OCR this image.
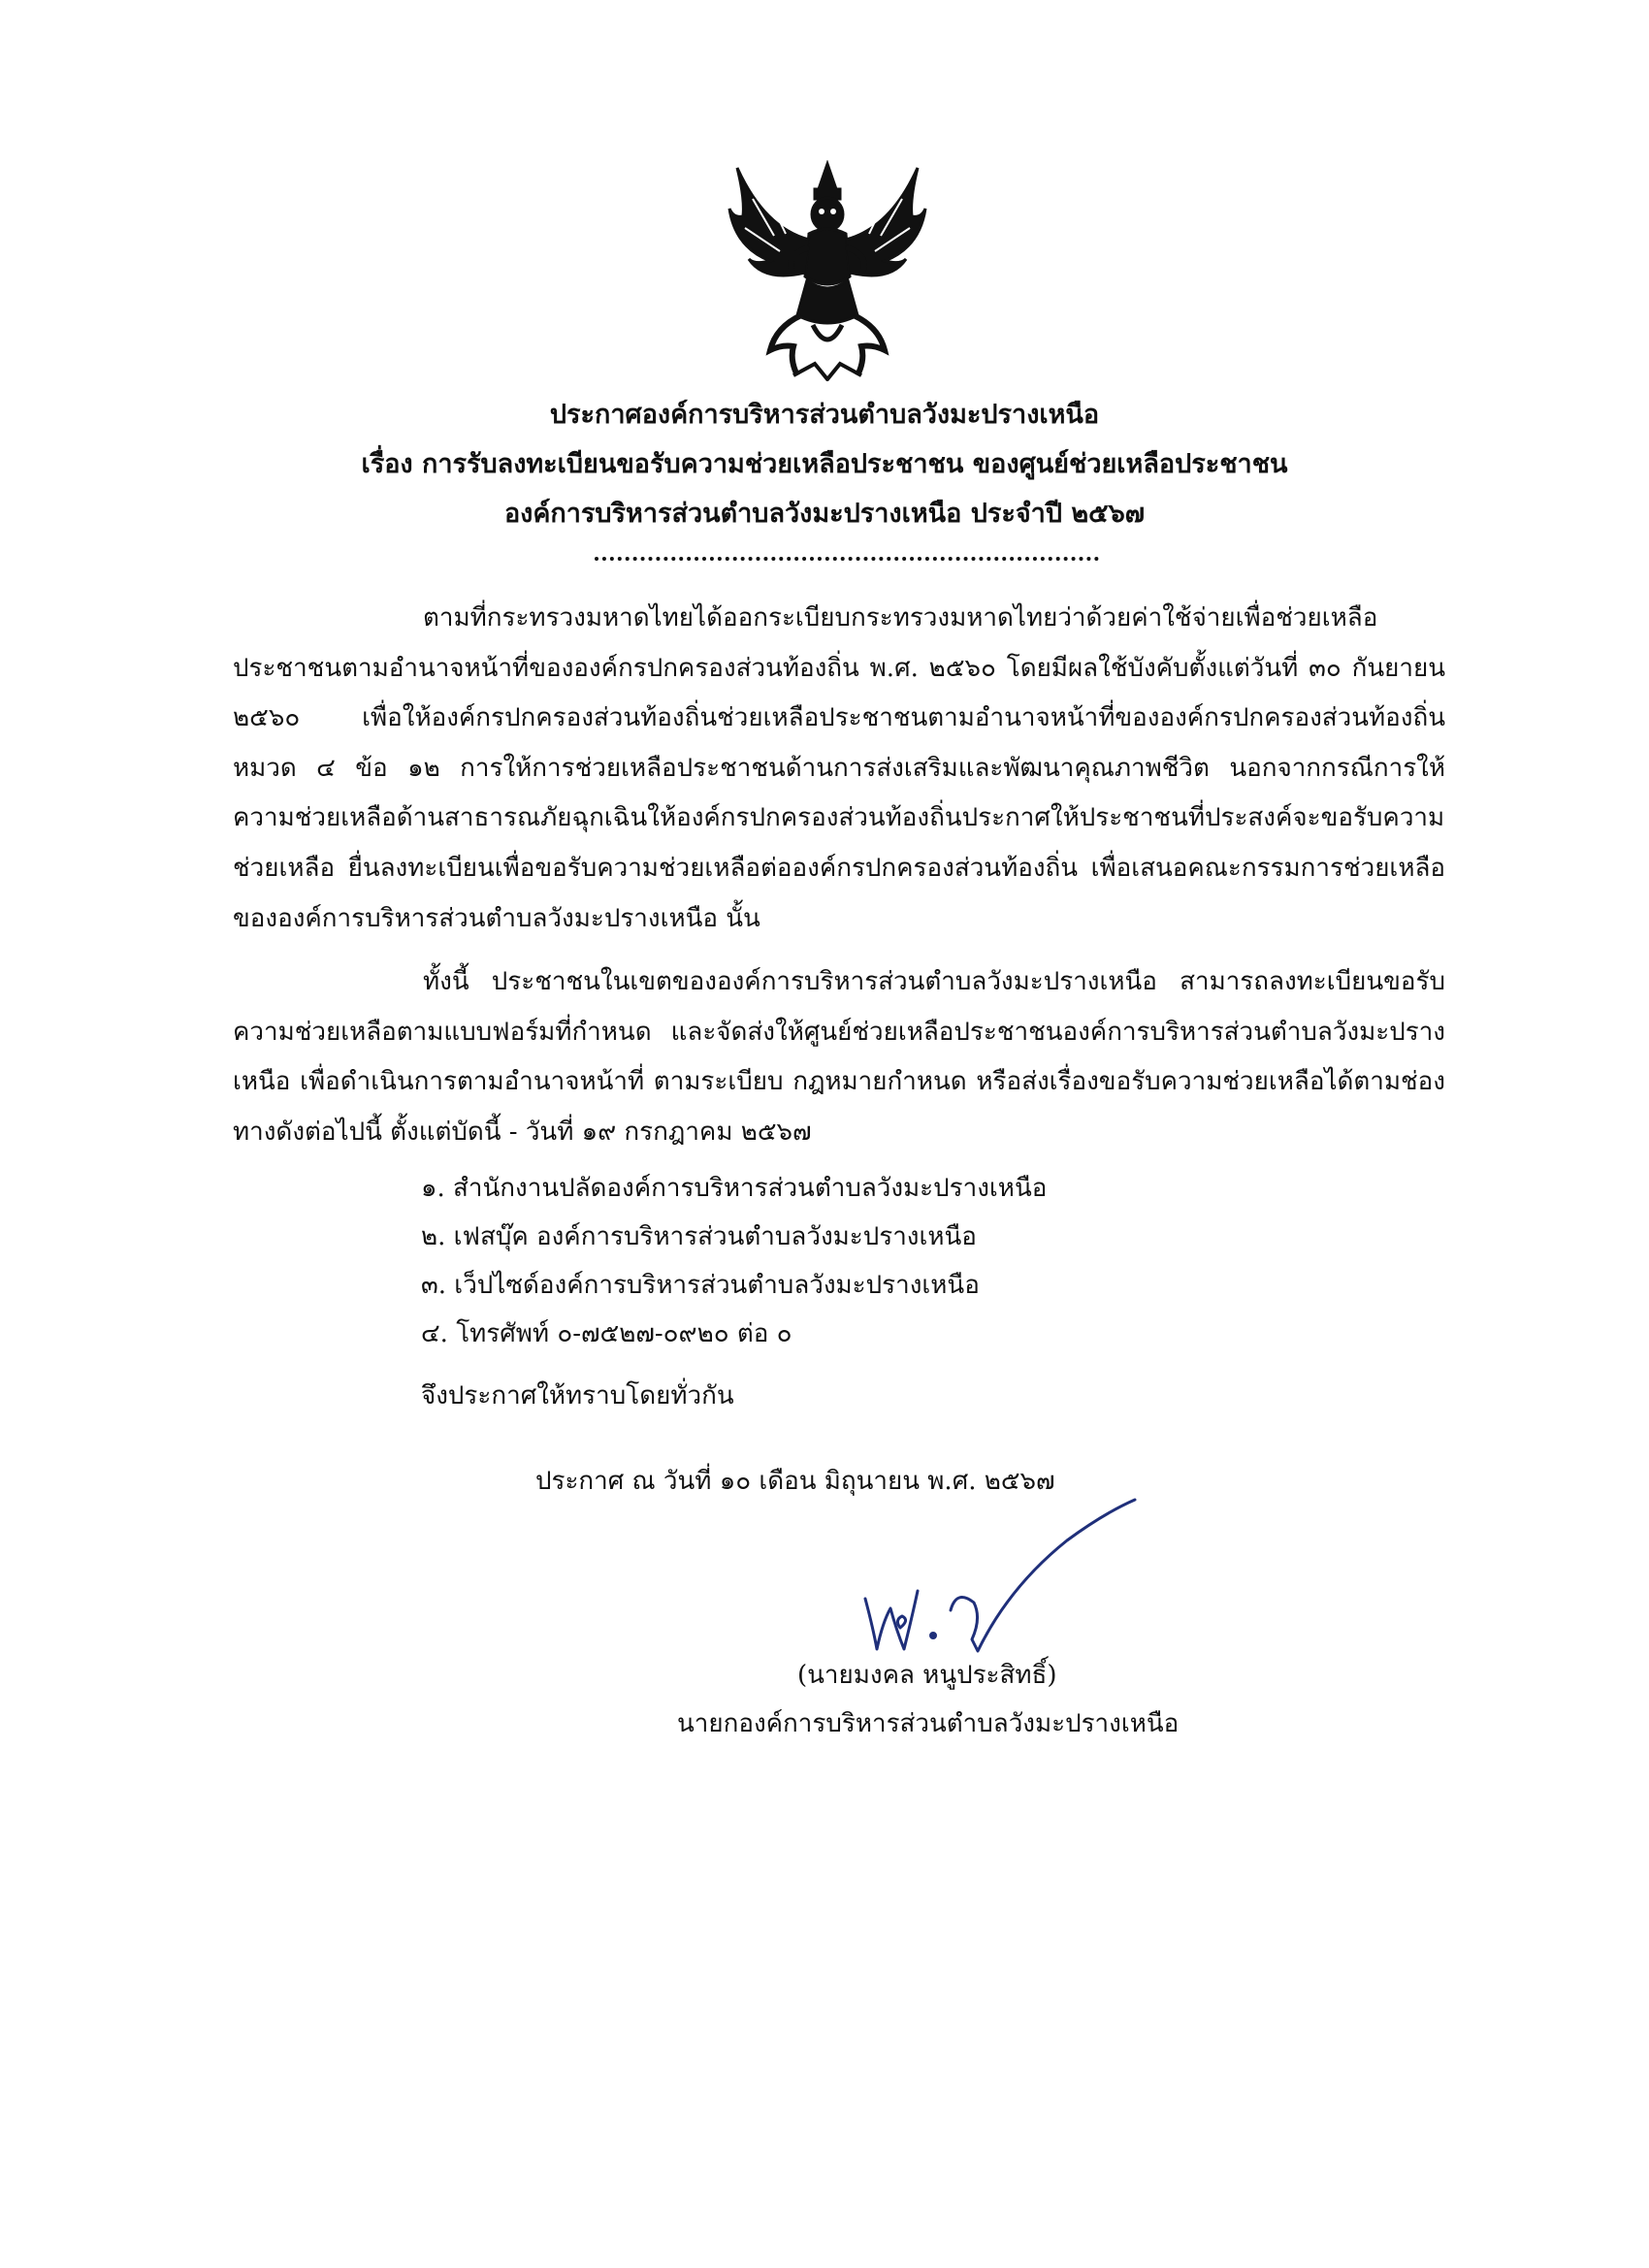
ประกาศองค์การบริหารส่วนตำบลวังมะปรางเหนือ
เรื่อง การรับลงทะเบียนขอรับความช่วยเหลือประชาชน ของศูนย์ช่วยเหลือประชาชน
องค์การบริหารส่วนตำบลวังมะปรางเหนือ ประจำปี ๒๕๖๗

ตามที่กระทรวงมหาดไทยได้ออกระเบียบกระทรวงมหาดไทยว่าด้วยค่าใช้จ่ายเพื่อช่วยเหลือประชาชนตามอำนาจหน้าที่ขององค์กรปกครองส่วนท้องถิ่น พ.ศ. ๒๕๖๐ โดยมีผลใช้บังคับตั้งแต่วันที่ ๓๐ กันยายน ๒๕๖๐ เพื่อให้องค์กรปกครองส่วนท้องถิ่นช่วยเหลือประชาชนตามอำนาจหน้าที่ขององค์กรปกครองส่วนท้องถิ่น หมวด ๔ ข้อ ๑๒ การให้การช่วยเหลือประชาชนด้านการส่งเสริมและพัฒนาคุณภาพชีวิต นอกจากกรณีการให้ความช่วยเหลือด้านสาธารณภัยฉุกเฉินให้องค์กรปกครองส่วนท้องถิ่นประกาศให้ประชาชนที่ประสงค์จะขอรับความช่วยเหลือ ยื่นลงทะเบียนเพื่อขอรับความช่วยเหลือต่อองค์กรปกครองส่วนท้องถิ่น เพื่อเสนอคณะกรรมการช่วยเหลือขององค์การบริหารส่วนตำบลวังมะปรางเหนือ นั้น

ทั้งนี้ ประชาชนในเขตขององค์การบริหารส่วนตำบลวังมะปรางเหนือ สามารถลงทะเบียนขอรับความช่วยเหลือตามแบบฟอร์มที่กำหนด และจัดส่งให้ศูนย์ช่วยเหลือประชาชนองค์การบริหารส่วนตำบลวังมะปรางเหนือ เพื่อดำเนินการตามอำนาจหน้าที่ ตามระเบียบ กฎหมายกำหนด หรือส่งเรื่องขอรับความช่วยเหลือได้ตามช่องทางดังต่อไปนี้ ตั้งแต่บัดนี้ - วันที่ ๑๙ กรกฎาคม ๒๕๖๗

๑. สำนักงานปลัดองค์การบริหารส่วนตำบลวังมะปรางเหนือ
๒. เฟสบุ๊ค องค์การบริหารส่วนตำบลวังมะปรางเหนือ
๓. เว็ปไซด์องค์การบริหารส่วนตำบลวังมะปรางเหนือ
๔. โทรศัพท์ ๐-๗๕๒๗-๐๙๒๐ ต่อ ๐
จึงประกาศให้ทราบโดยทั่วกัน
ประกาศ ณ วันที่ ๑๐ เดือน มิถุนายน พ.ศ. ๒๕๖๗
(นายมงคล หนูประสิทธิ์)
นายกองค์การบริหารส่วนตำบลวังมะปรางเหนือ
